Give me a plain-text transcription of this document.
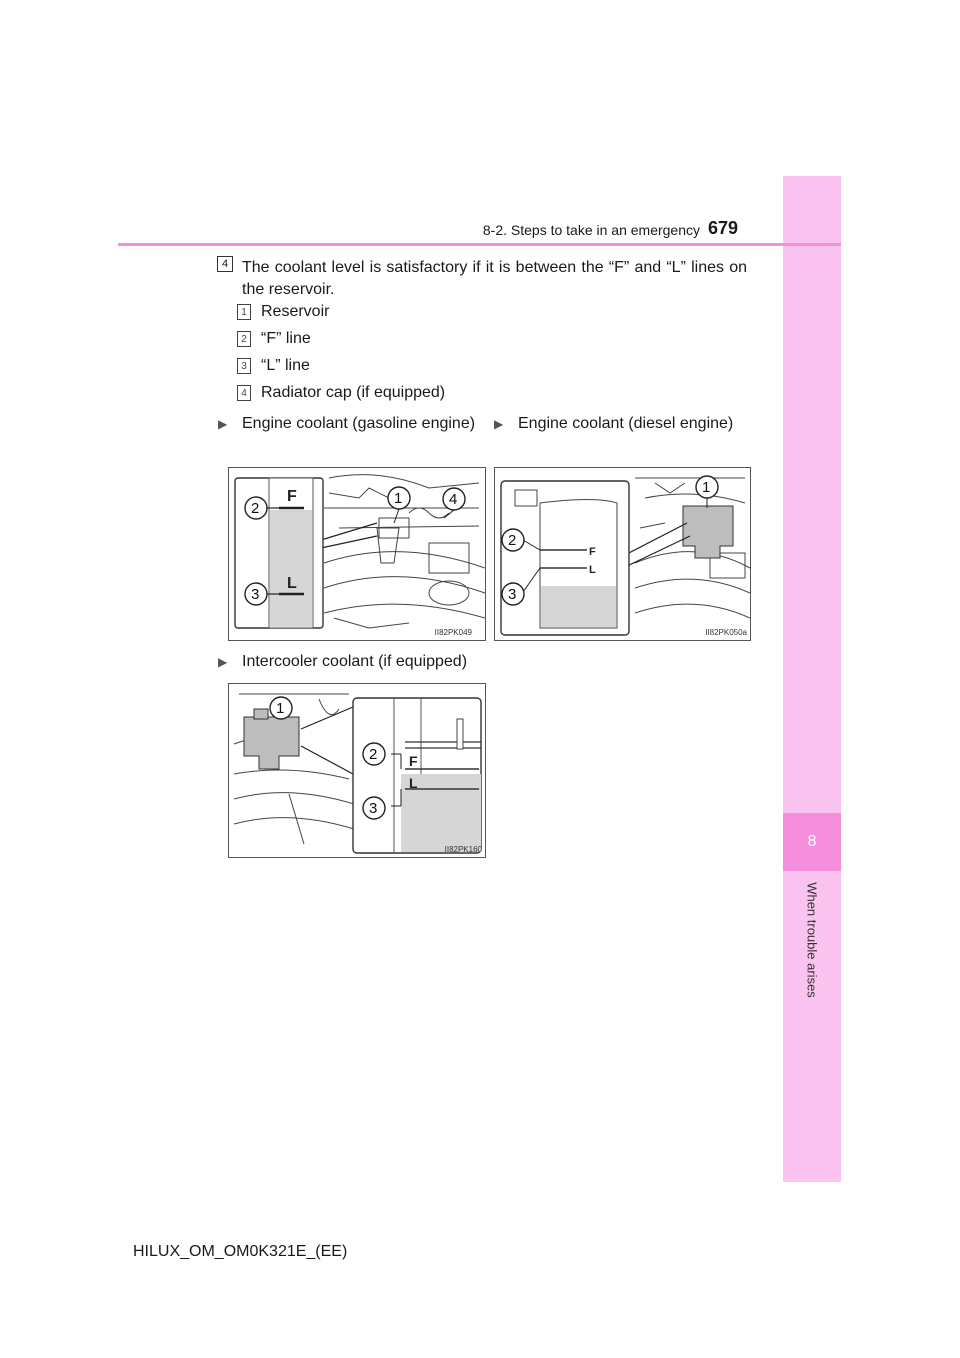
8
When trouble arises
8-2. Steps to take in an emergency 679
4 The coolant level is satisfactory if it is between the “F” and “L” lines on the reservoir.
1 Reservoir
2 “F” line
3 “L” line
4 Radiator cap (if equipped)
▶ Engine coolant (gasoline engine)	▶ Engine coolant (diesel engine)
F
L
2
3
1	4
II82PK049
F
L
2
3
1
II82PK050a
▶ Intercooler coolant (if equipped)
F
L
2
3
1
II82PK160
HILUX_OM_OM0K321E_(EE)
